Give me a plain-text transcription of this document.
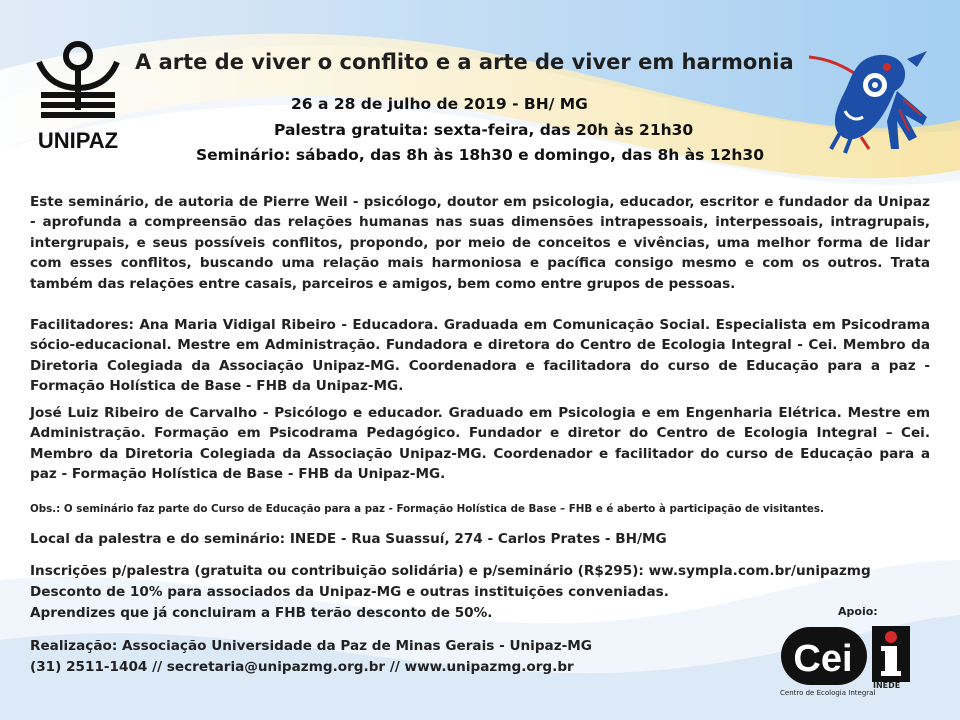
UNIPAZ
A arte de viver o conflito e a arte de viver em harmonia
26 a 28 de julho de 2019 - BH/ MG
Palestra gratuita: sexta-feira, das 20h às 21h30
Seminário: sábado, das 8h às 18h30 e domingo, das 8h às 12h30
Este seminário, de autoria de Pierre Weil - psicólogo, doutor em psicologia, educador, escritor e fundador da Unipaz - aprofunda a compreensão das relações humanas nas suas dimensões intrapessoais, interpessoais, intragrupais, intergrupais, e seus possíveis conflitos, propondo, por meio de conceitos e vivências, uma melhor forma de lidar com esses conflitos, buscando uma relação mais harmoniosa e pacífica consigo mesmo e com os outros. Trata também das relações entre casais, parceiros e amigos, bem como entre grupos de pessoas.
Facilitadores: Ana Maria Vidigal Ribeiro - Educadora. Graduada em Comunicação Social. Especialista em Psicodrama sócio-educacional. Mestre em Administração. Fundadora e diretora do Centro de Ecologia Integral - Cei. Membro da Diretoria Colegiada da Associação Unipaz-MG. Coordenadora e facilitadora do curso de Educação para a paz - Formação Holística de Base - FHB da Unipaz-MG.
José Luiz Ribeiro de Carvalho - Psicólogo e educador. Graduado em Psicologia e em Engenharia Elétrica. Mestre em Administração. Formação em Psicodrama Pedagógico. Fundador e diretor do Centro de Ecologia Integral – Cei. Membro da Diretoria Colegiada da Associação Unipaz-MG. Coordenador e facilitador do curso de Educação para a paz - Formação Holística de Base - FHB da Unipaz-MG.
Obs.: O seminário faz parte do Curso de Educação para a paz - Formação Holística de Base – FHB e é aberto à participação de visitantes.
Local da palestra e do seminário: INEDE - Rua Suassuí, 274 - Carlos Prates - BH/MG
Inscrições p/palestra (gratuita ou contribuição solidária) e p/seminário (R$295): ww.sympla.com.br/unipazmg
Desconto de 10% para associados da Unipaz-MG e outras instituições conveniadas.
Aprendizes que já concluiram a FHB terão desconto de 50%.
Realização: Associação Universidade da Paz de Minas Gerais - Unipaz-MG
(31) 2511-1404 // secretaria@unipazmg.org.br // www.unipazmg.org.br
Apoio:
Cei
Centro de Ecologia Integral
INEDE
